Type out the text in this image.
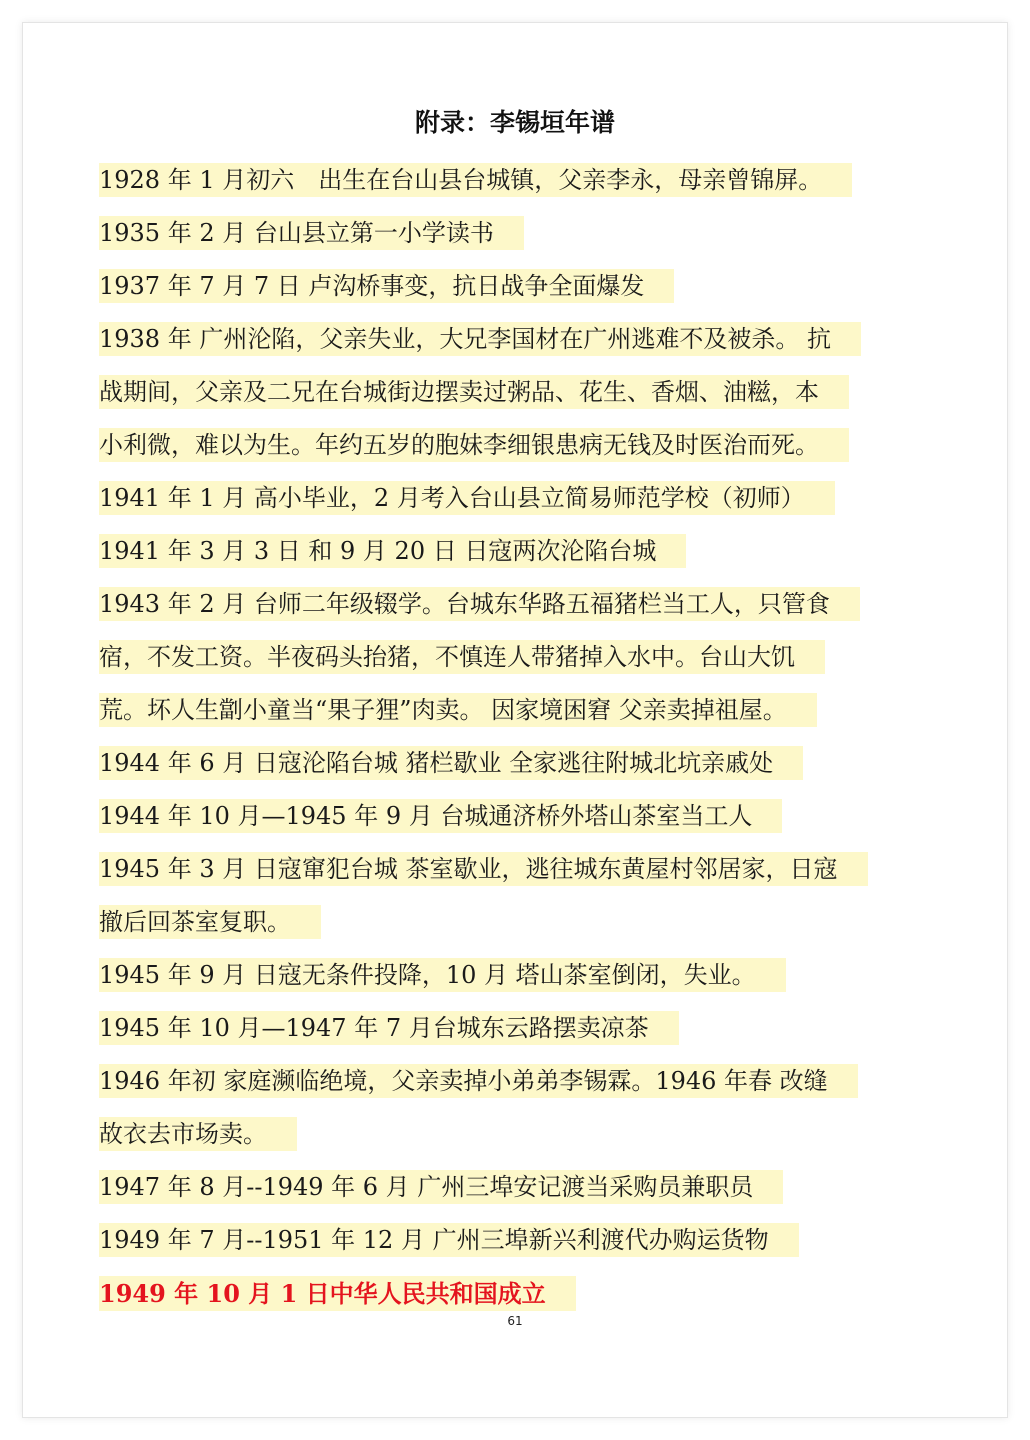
附录：李锡垣年谱
1928 年 1 月初六　出生在台山县台城镇，父亲李永，母亲曾锦屏。
1935 年 2 月 台山县立第一小学读书
1937 年 7 月 7 日 卢沟桥事变，抗日战争全面爆发
1938 年 广州沦陷，父亲失业，大兄李国材在广州逃难不及被杀。 抗
战期间，父亲及二兄在台城街边摆卖过粥品、花生、香烟、油糍，本
小利微，难以为生。年约五岁的胞妹李细银患病无钱及时医治而死。
1941 年 1 月 高小毕业，2 月考入台山县立简易师范学校（初师）
1941 年 3 月 3 日 和 9 月 20 日 日寇两次沦陷台城
1943 年 2 月 台师二年级辍学。台城东华路五福猪栏当工人，只管食
宿，不发工资。半夜码头抬猪，不慎连人带猪掉入水中。台山大饥
荒。坏人生劏小童当“果子狸”肉卖。 因家境困窘 父亲卖掉祖屋。
1944 年 6 月 日寇沦陷台城 猪栏歇业 全家逃往附城北坑亲戚处
1944 年 10 月—1945 年 9 月 台城通济桥外塔山茶室当工人
1945 年 3 月 日寇窜犯台城 茶室歇业，逃往城东黄屋村邻居家，日寇
撤后回茶室复职。
1945 年 9 月 日寇无条件投降，10 月 塔山茶室倒闭，失业。
1945 年 10 月—1947 年 7 月台城东云路摆卖凉茶
1946 年初 家庭濒临绝境，父亲卖掉小弟弟李锡霖。1946 年春 改缝
故衣去市场卖。
1947 年 8 月--1949 年 6 月 广州三埠安记渡当采购员兼职员
1949 年 7 月--1951 年 12 月 广州三埠新兴利渡代办购运货物
1949 年 10 月 1 日中华人民共和国成立
61
